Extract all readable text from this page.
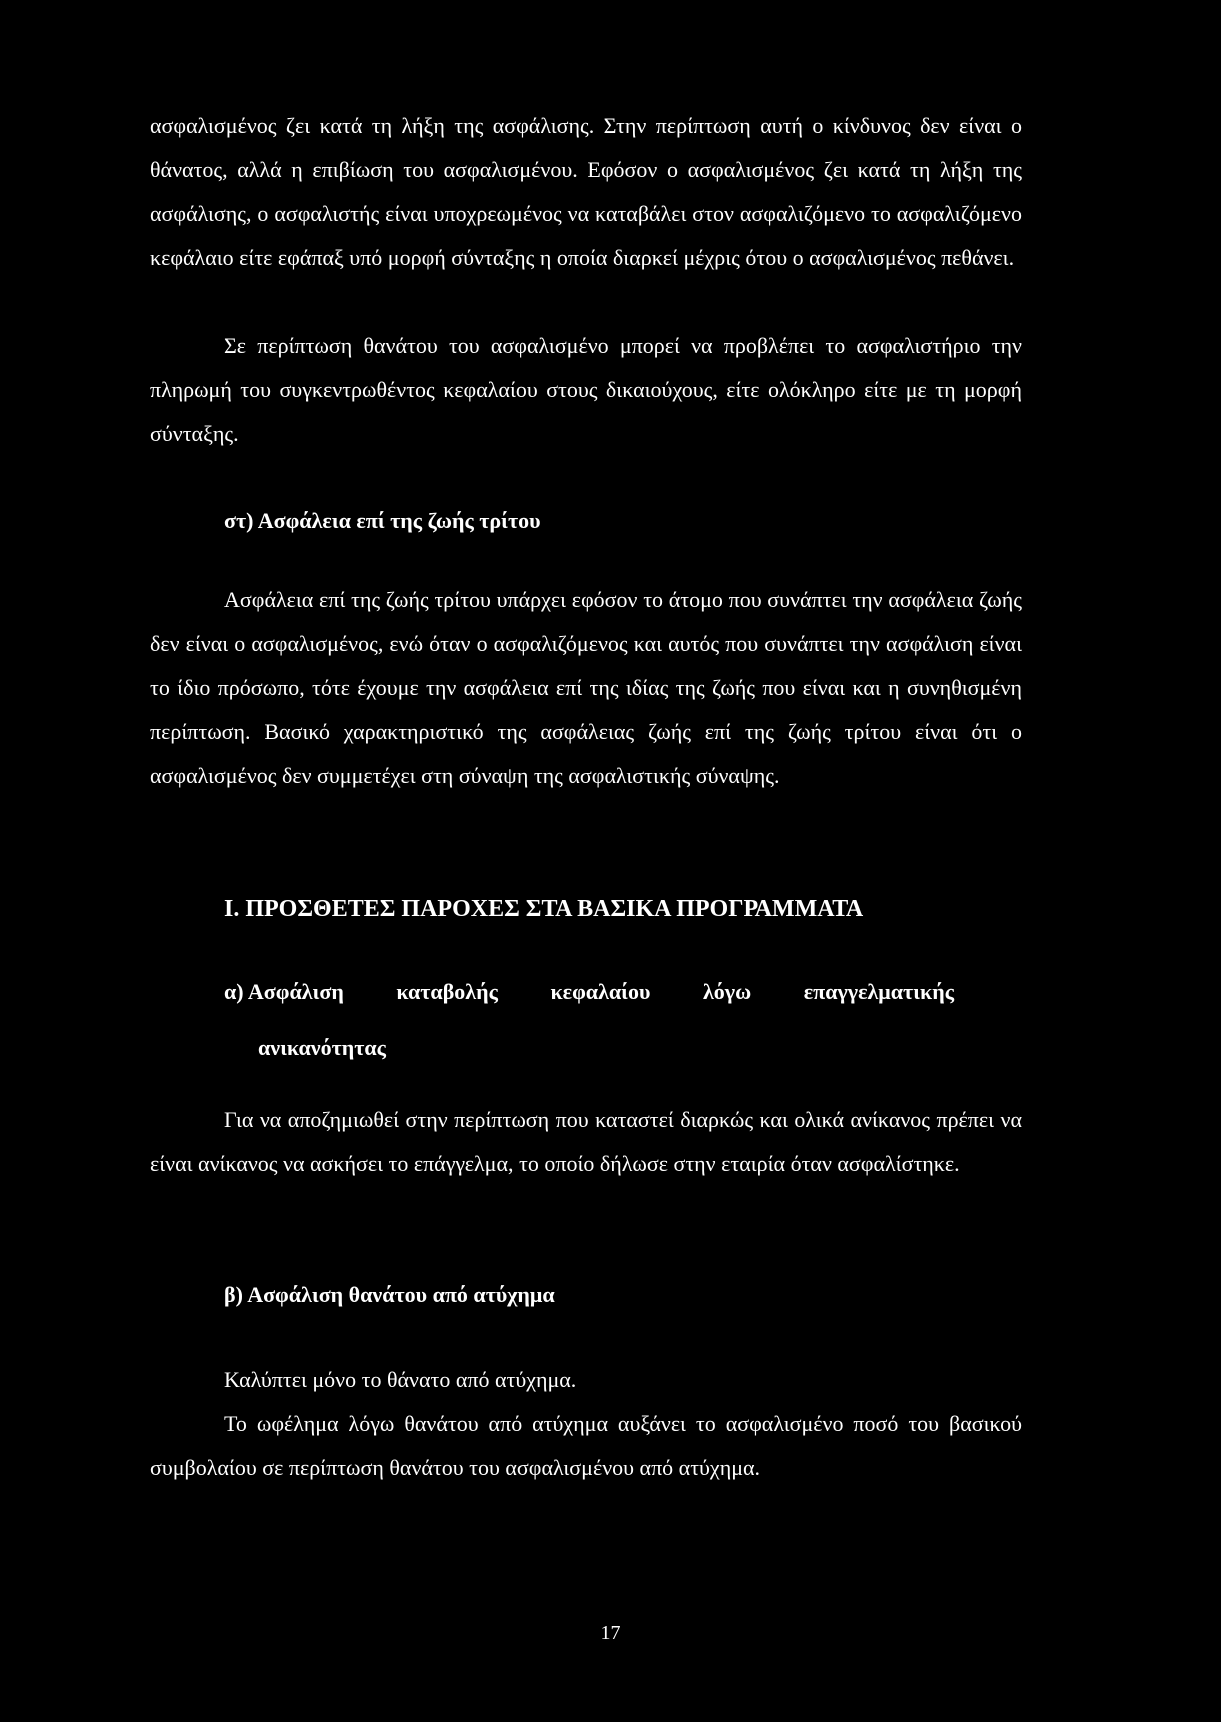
ασφαλισμένος ζει κατά τη λήξη της ασφάλισης. Στην περίπτωση αυτή ο κίνδυνος δεν είναι ο θάνατος, αλλά η επιβίωση του ασφαλισμένου. Εφόσον ο ασφαλισμένος ζει κατά τη λήξη της ασφάλισης, ο ασφαλιστής είναι υποχρεωμένος να καταβάλει στον ασφαλιζόμενο το ασφαλιζόμενο κεφάλαιο είτε εφάπαξ υπό μορφή σύνταξης η οποία διαρκεί μέχρις ότου ο ασφαλισμένος πεθάνει.

Σε περίπτωση θανάτου του ασφαλισμένο μπορεί να προβλέπει το ασφαλιστήριο την πληρωμή του συγκεντρωθέντος κεφαλαίου στους δικαιούχους, είτε ολόκληρο είτε με τη μορφή σύνταξης.

στ) Ασφάλεια επί της ζωής τρίτου

Ασφάλεια επί της ζωής τρίτου υπάρχει εφόσον το άτομο που συνάπτει την ασφάλεια ζωής δεν είναι ο ασφαλισμένος, ενώ όταν ο ασφαλιζόμενος και αυτός που συνάπτει την ασφάλιση είναι το ίδιο πρόσωπο, τότε έχουμε την ασφάλεια επί της ιδίας της ζωής που είναι και η συνηθισμένη περίπτωση. Βασικό χαρακτηριστικό της ασφάλειας ζωής επί της ζωής τρίτου είναι ότι ο ασφαλισμένος δεν συμμετέχει στη σύναψη της ασφαλιστικής σύναψης.

Ι. ΠΡΟΣΘΕΤΕΣ ΠΑΡΟΧΕΣ ΣΤΑ ΒΑΣΙΚΑ ΠΡΟΓΡΑΜΜΑΤΑ

α) Ασφάλιση καταβολής κεφαλαίου λόγω επαγγελματικής
ανικανότητας

Για να αποζημιωθεί στην περίπτωση που καταστεί διαρκώς και ολικά ανίκανος πρέπει να είναι ανίκανος να ασκήσει το επάγγελμα, το οποίο δήλωσε στην εταιρία όταν ασφαλίστηκε.

β) Ασφάλιση θανάτου από ατύχημα

Καλύπτει μόνο το θάνατο από ατύχημα.

Το ωφέλημα λόγω θανάτου από ατύχημα αυξάνει το ασφαλισμένο ποσό του βασικού συμβολαίου σε περίπτωση θανάτου του ασφαλισμένου από ατύχημα.

17
